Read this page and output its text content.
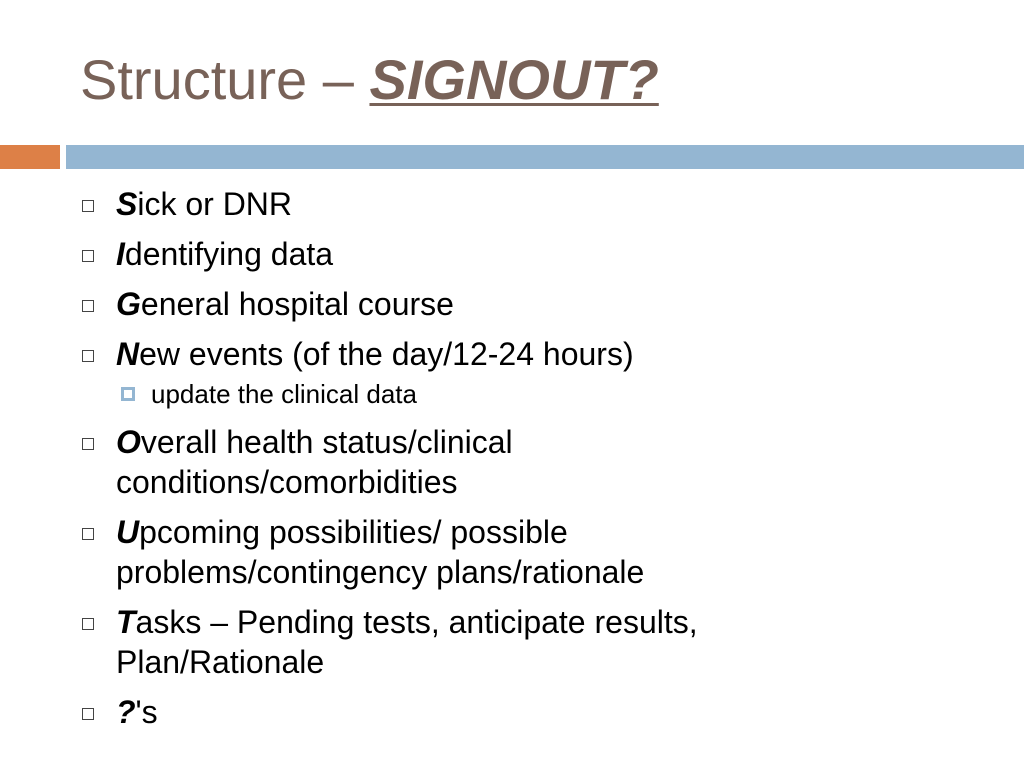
Structure – SIGNOUT?
Sick or DNR
Identifying data
General hospital course
New events (of the day/12-24 hours)
update the clinical data
Overall health status/clinical conditions/comorbidities
Upcoming possibilities/ possible problems/contingency plans/rationale
Tasks – Pending tests, anticipate results, Plan/Rationale
?'s
